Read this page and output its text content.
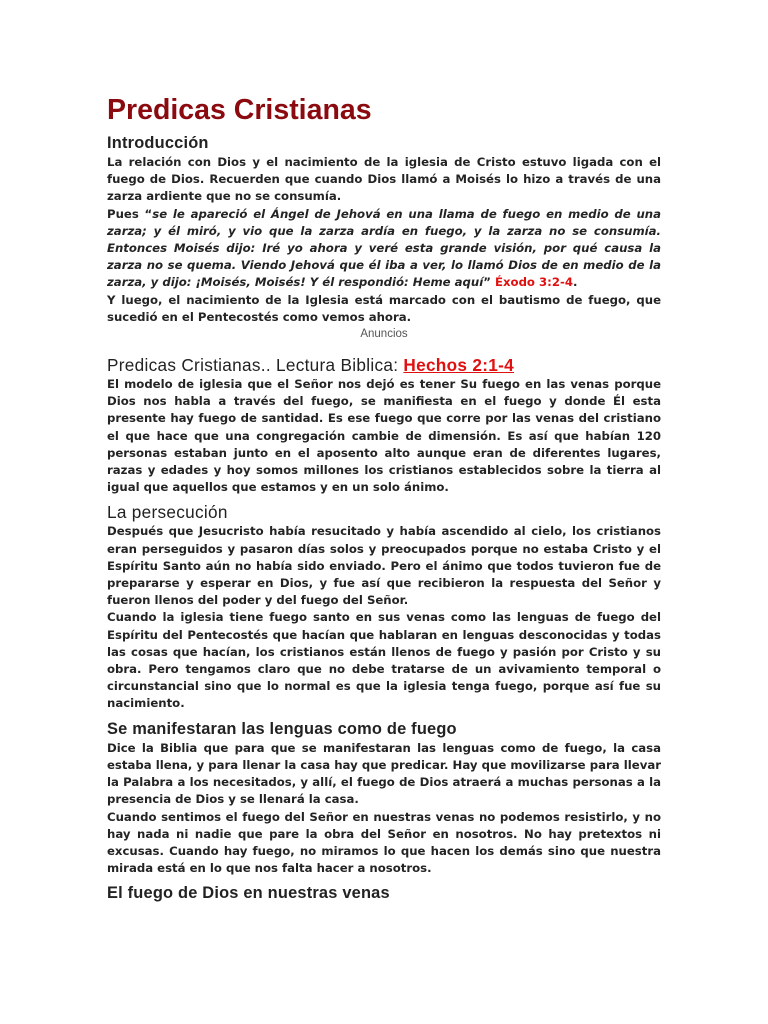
Predicas Cristianas
Introducción

La relación con Dios y el nacimiento de la iglesia de Cristo estuvo ligada con el fuego de Dios. Recuerden que cuando Dios llamó a Moisés lo hizo a través de una zarza ardiente que no se consumía.

Pues “se le apareció el Ángel de Jehová en una llama de fuego en medio de una zarza; y él miró, y vio que la zarza ardía en fuego, y la zarza no se consumía. Entonces Moisés dijo: Iré yo ahora y veré esta grande visión, por qué causa la zarza no se quema. Viendo Jehová que él iba a ver, lo llamó Dios de en medio de la zarza, y dijo: ¡Moisés, Moisés! Y él respondió: Heme aquí” Éxodo 3:2-4.

Y luego, el nacimiento de la Iglesia está marcado con el bautismo de fuego, que sucedió en el Pentecostés como vemos ahora.

Anuncios
Predicas Cristianas.. Lectura Biblica: Hechos 2:1-4

El modelo de iglesia que el Señor nos dejó es tener Su fuego en las venas porque Dios nos habla a través del fuego, se manifiesta en el fuego y donde Él esta presente hay fuego de santidad. Es ese fuego que corre por las venas del cristiano el que hace que una congregación cambie de dimensión. Es así que habían 120 personas estaban junto en el aposento alto aunque eran de diferentes lugares, razas y edades y hoy somos millones los cristianos establecidos sobre la tierra al igual que aquellos que estamos y en un solo ánimo.

La persecución

Después que Jesucristo había resucitado y había ascendido al cielo, los cristianos eran perseguidos y pasaron días solos y preocupados porque no estaba Cristo y el Espíritu Santo aún no había sido enviado. Pero el ánimo que todos tuvieron fue de prepararse y esperar en Dios, y fue así que recibieron la respuesta del Señor y fueron llenos del poder y del fuego del Señor.

Cuando la iglesia tiene fuego santo en sus venas como las lenguas de fuego del Espíritu del Pentecostés que hacían que hablaran en lenguas desconocidas y todas las cosas que hacían, los cristianos están llenos de fuego y pasión por Cristo y su obra. Pero tengamos claro que no debe tratarse de un avivamiento temporal o circunstancial sino que lo normal es que la iglesia tenga fuego, porque así fue su nacimiento.

Se manifestaran las lenguas como de fuego

Dice la Biblia que para que se manifestaran las lenguas como de fuego, la casa estaba llena, y para llenar la casa hay que predicar. Hay que movilizarse para llevar la Palabra a los necesitados, y allí, el fuego de Dios atraerá a muchas personas a la presencia de Dios y se llenará la casa.

Cuando sentimos el fuego del Señor en nuestras venas no podemos resistirlo, y no hay nada ni nadie que pare la obra del Señor en nosotros. No hay pretextos ni excusas. Cuando hay fuego, no miramos lo que hacen los demás sino que nuestra mirada está en lo que nos falta hacer a nosotros.

El fuego de Dios en nuestras venas
